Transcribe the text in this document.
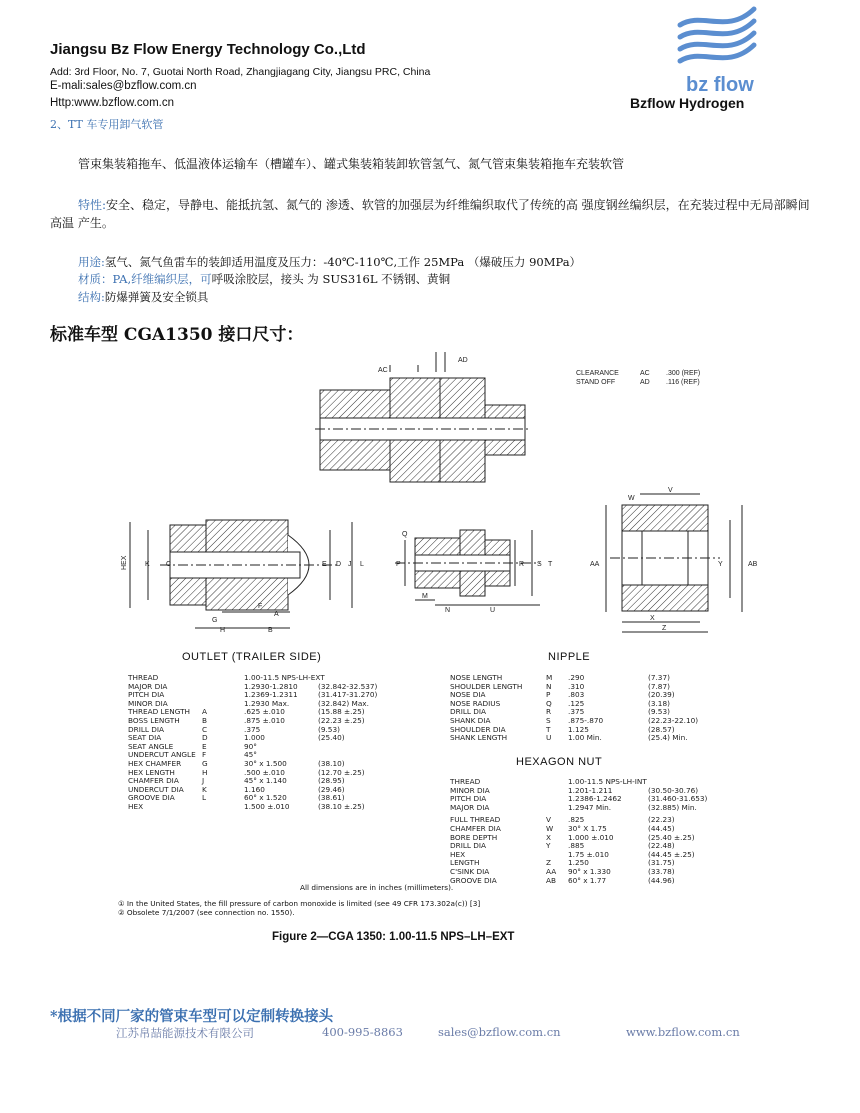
Jiangsu Bz Flow Energy Technology Co.,Ltd
Add: 3rd Floor, No. 7, Guotai North Road, Zhangjiagang City, Jiangsu PRC, China
E-mali:sales@bzflow.com.cn
Http:www.bzflow.com.cn
bz flow
Bzflow Hydrogen
2、TT 车专用卸气软管
管束集装箱拖车、低温液体运输车（槽罐车）、罐式集装箱装卸软管氢气、氮气管束集装箱拖车充装软管
特性:安全、稳定，导静电、能抵抗氢、氮气的 渗透、软管的加强层为纤维编织取代了传统的高 强度钢丝编织层，在充装过程中无局部瞬间高温 产生。
用途:氢气、氮气鱼雷车的装卸适用温度及压力：-40℃-110℃,工作 25MPa （爆破压力 90MPa）
材质：PA,纤维编织层，可呼吸涂胶层，接头 为 SUS316L 不锈钢、黄铜
结构:防爆弹簧及安全锁具
标准车型 CGA1350 接口尺寸：
AC
AD
CLEARANCE	AC .300 (REF)
STAND OFF	AD .116 (REF)
HEX K C	E D J L
G
F
A
H	B
Q
P	R S T
M
N	U
W
V
AA	Y	AB
X
Z
OUTLET (TRAILER SIDE)	NIPPLE
HEXAGON NUT
THREAD	1.00-11.5 NPS-LH-EXT
MAJOR DIA	1.2930-1.2810	(32.842-32.537)
PITCH DIA	1.2369-1.2311	(31.417-31.270)
MINOR DIA	1.2930 Max.	(32.842) Max.
THREAD LENGTH	A	.625 ±.010	(15.88 ±.25)
BOSS LENGTH	B	.875 ±.010	(22.23 ±.25)
DRILL DIA	C	.375	(9.53)
SEAT DIA	D	1.000	(25.40)
SEAT ANGLE	E	90°
UNDERCUT ANGLE F	45°
HEX CHAMFER	G	30° x 1.500	(38.10)
HEX LENGTH	H	.500 ±.010	(12.70 ±.25)
CHAMFER DIA	J	45° x 1.140	(28.95)
UNDERCUT DIA	K	1.160	(29.46)
GROOVE DIA	L	60° x 1.520	(38.61)
HEX	1.500 ±.010	(38.10 ±.25)
NOSE LENGTH	M	.290	(7.37)
SHOULDER LENGTH	N	.310	(7.87)
NOSE DIA	P	.803	(20.39)
NOSE RADIUS	Q	.125	(3.18)
DRILL DIA	R	.375	(9.53)
SHANK DIA	S	.875-.870	(22.23-22.10)
SHOULDER DIA	T	1.125	(28.57)
SHANK LENGTH	U	1.00 Min.	(25.4) Min.
THREAD	1.00-11.5 NPS-LH-INT
MINOR DIA	1.201-1.211	(30.50-30.76)
PITCH DIA	1.2386-1.2462	(31.460-31.653)
MAJOR DIA	1.2947 Min.	(32.885) Min.
FULL THREAD	V	.825	(22.23)
CHAMFER DIA	W	30° X 1.75	(44.45)
BORE DEPTH	X	1.000 ±.010	(25.40 ±.25)
DRILL DIA	Y	.885	(22.48)
HEX	1.75 ±.010	(44.45 ±.25)
LENGTH	Z	1.250	(31.75)
C'SINK DIA	AA	90° x 1.330	(33.78)
GROOVE DIA	AB	60° x 1.77	(44.96)
All dimensions are in inches (millimeters).
① In the United States, the fill pressure of carbon monoxide is limited (see 49 CFR 173.302a(c)) [3]
② Obsolete 7/1/2007 (see connection no. 1550).
Figure 2—CGA 1350: 1.00-11.5 NPS–LH–EXT
*根据不同厂家的管束车型可以定制转换接头
江苏帛喆能源技术有限公司	400-995-8863	sales@bzflow.com.cn	www.bzflow.com.cn
